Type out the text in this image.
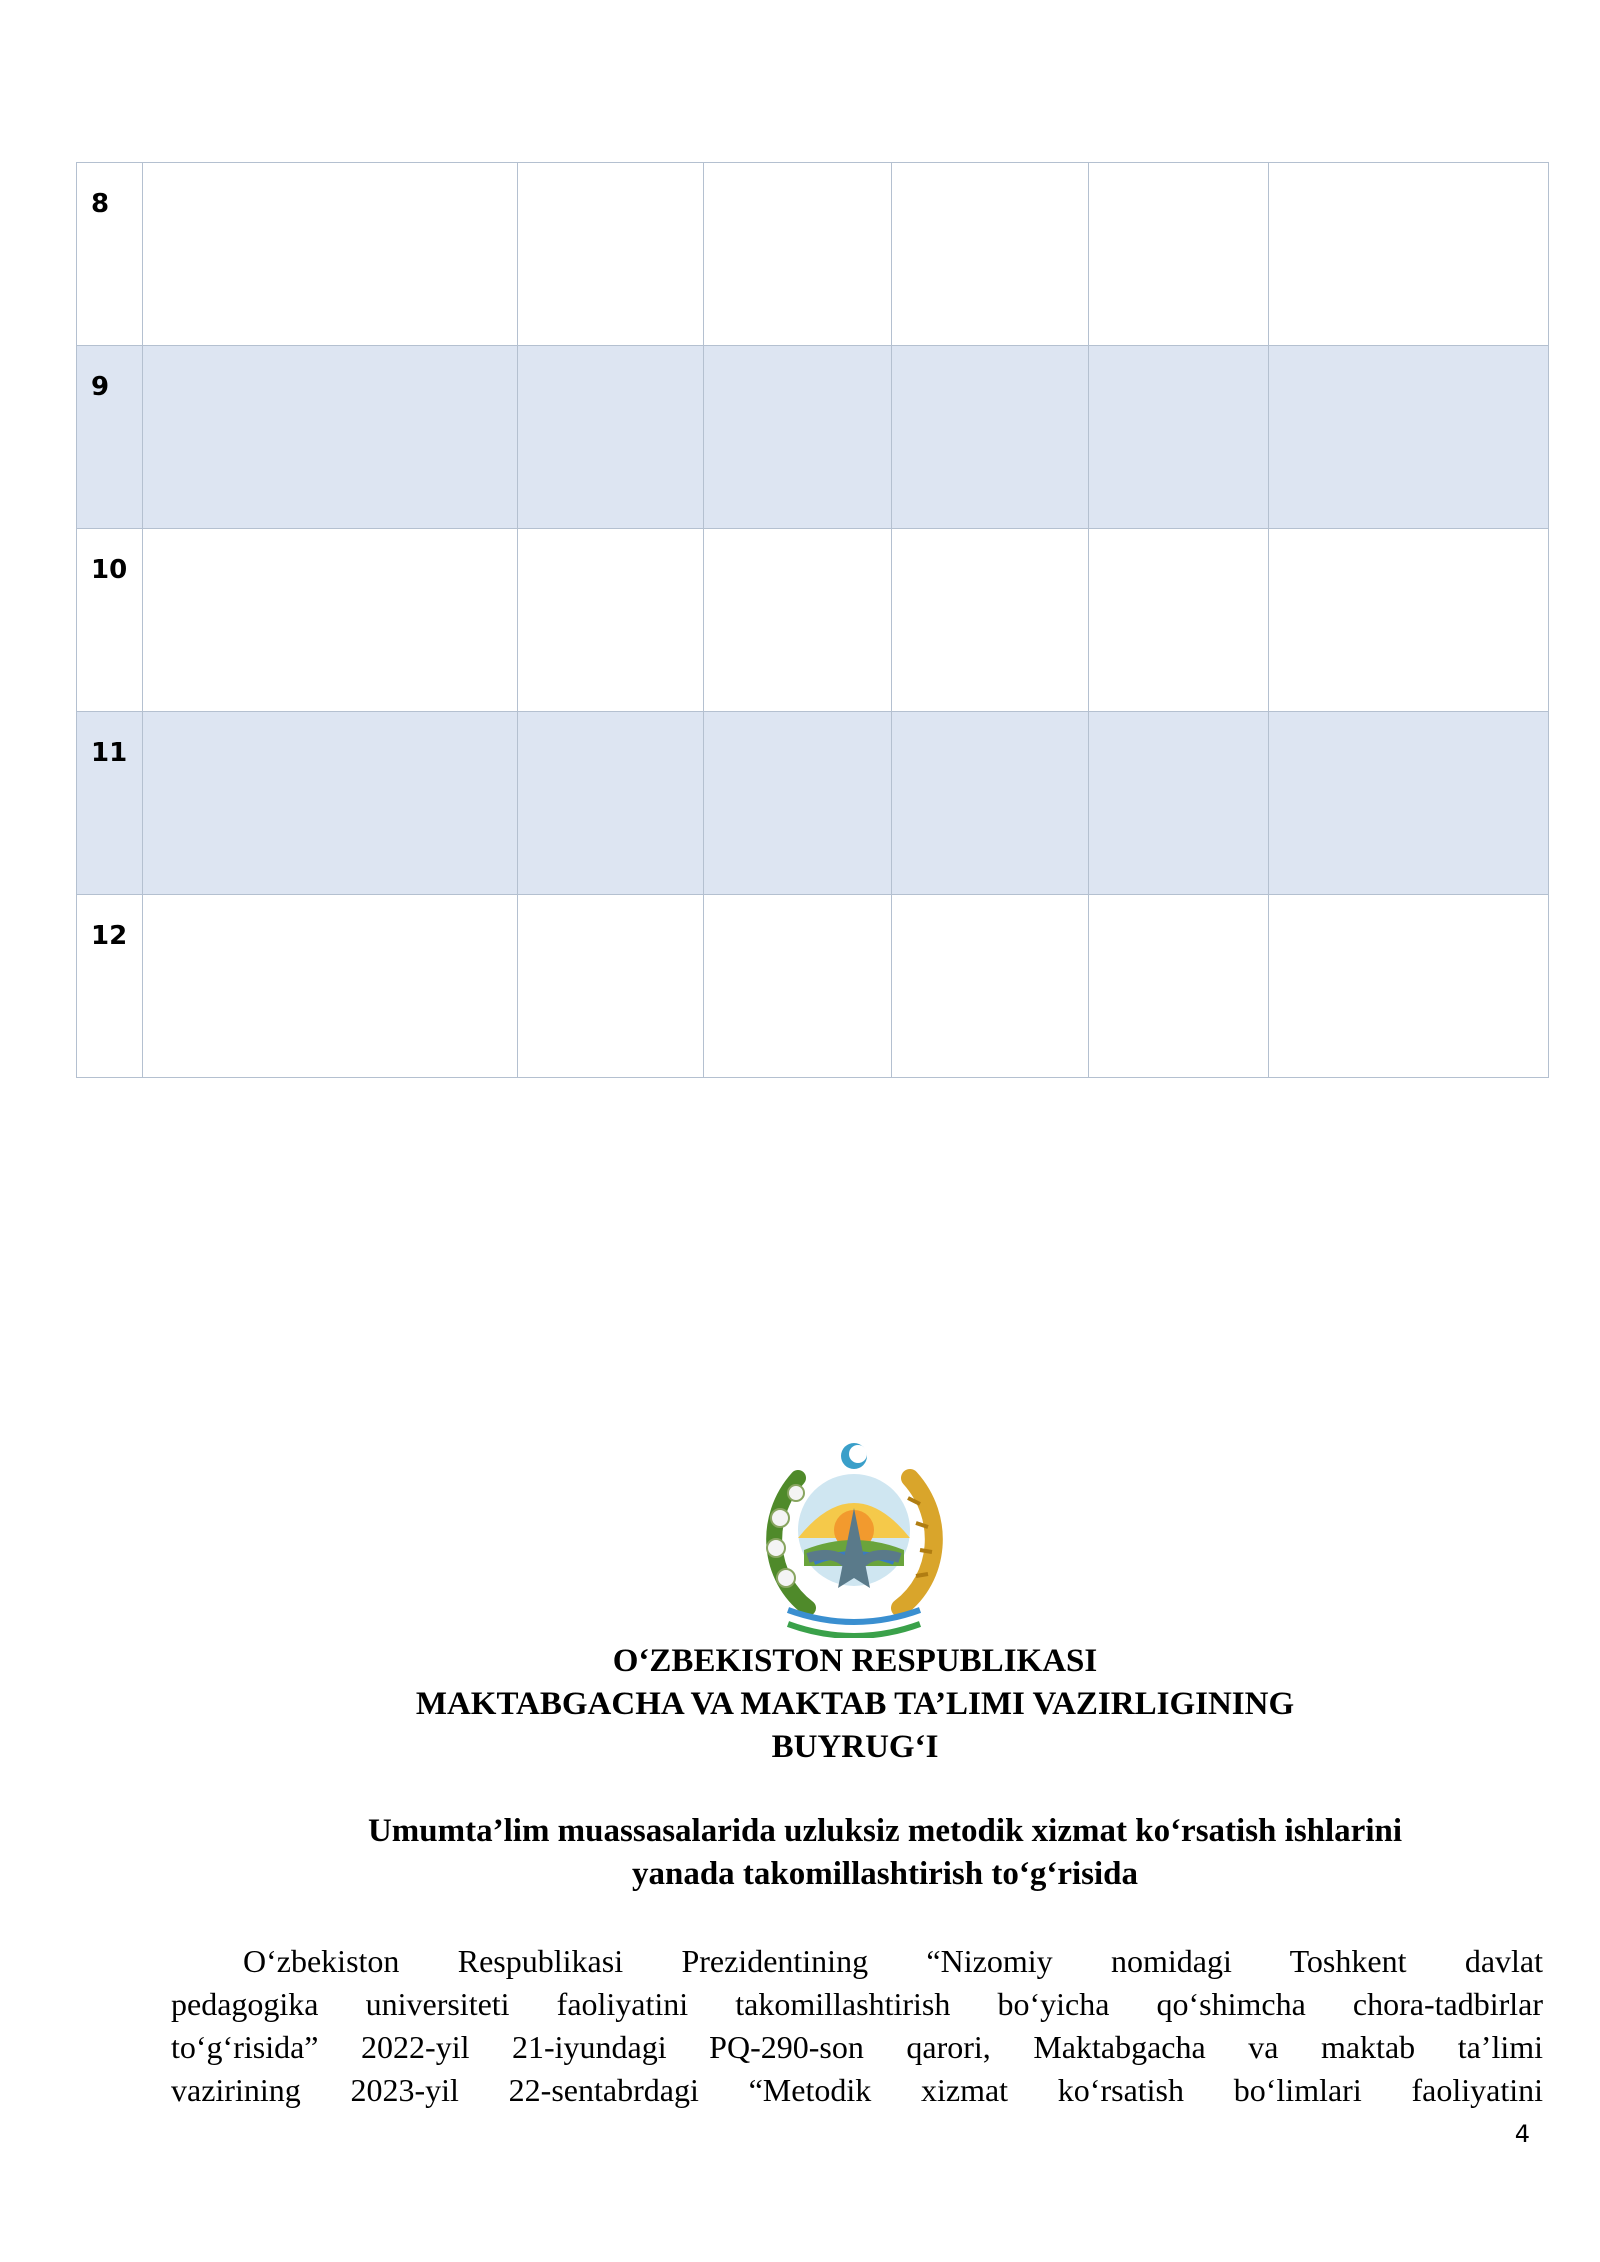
8						

9						

10						

11						

12						

O‘ZBEKISTON RESPUBLIKASI
MAKTABGACHA VA MAKTAB TA’LIMI VAZIRLIGINING
BUYRUG‘I
Umumta’lim muassasalarida uzluksiz metodik xizmat ko‘rsatish ishlarini
yanada takomillashtirish to‘g‘risida
O‘zbekiston Respublikasi Prezidentining “Nizomiy nomidagi Toshkent davlat
pedagogika universiteti faoliyatini takomillashtirish bo‘yicha qo‘shimcha chora-tadbirlar
to‘g‘risida” 2022-yil 21-iyundagi PQ-290-son qarori, Maktabgacha va maktab ta’limi
vazirining 2023-yil 22-sentabrdagi “Metodik xizmat ko‘rsatish bo‘limlari faoliyatini
4
